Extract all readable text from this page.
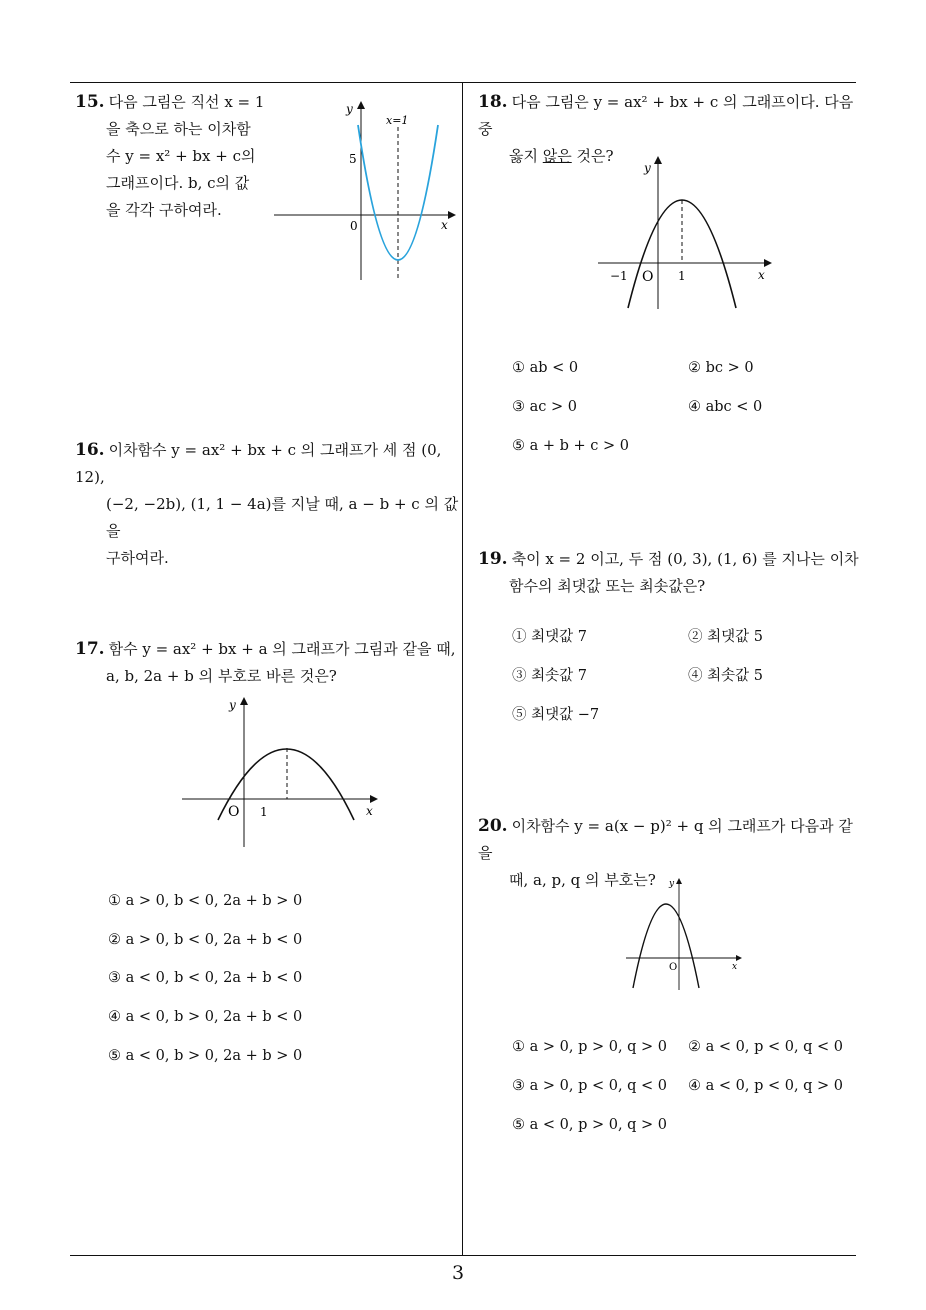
3
15. 다음 그림은 직선 x = 1
을 축으로 하는 이차함
수 y = x² + bx + c의
그래프이다. b, c의 값
을 각각 구하여라.
y
x
0
5
x=1
16. 이차함수 y = ax² + bx + c 의 그래프가 세 점 (0, 12),
(−2, −2b), (1, 1 − 4a)를 지날 때, a − b + c 의 값을
구하여라.
17. 함수 y = ax² + bx + a 의 그래프가 그림과 같을 때,
a, b, 2a + b 의 부호로 바른 것은?
y
x
O 1
① a > 0, b < 0, 2a + b > 0
② a > 0, b < 0, 2a + b < 0
③ a < 0, b < 0, 2a + b < 0
④ a < 0, b > 0, 2a + b < 0
⑤ a < 0, b > 0, 2a + b > 0
18. 다음 그림은 y = ax² + bx + c 의 그래프이다. 다음 중
옳지 않은 것은?
y
x
−1 O 1
① ab < 0	② bc > 0
③ ac > 0	④ abc < 0
⑤ a + b + c > 0
19. 축이 x = 2 이고, 두 점 (0, 3), (1, 6) 를 지나는 이차
함수의 최댓값 또는 최솟값은?
① 최댓값 7	② 최댓값 5
③ 최솟값 7	④ 최솟값 5
⑤ 최댓값 −7
20. 이차함수 y = a(x − p)² + q 의 그래프가 다음과 같을
때, a, p, q 의 부호는?	y
x
O
① a > 0, p > 0, q > 0 ② a < 0, p < 0, q < 0
③ a > 0, p < 0, q < 0 ④ a < 0, p < 0, q > 0
⑤ a < 0, p > 0, q > 0
